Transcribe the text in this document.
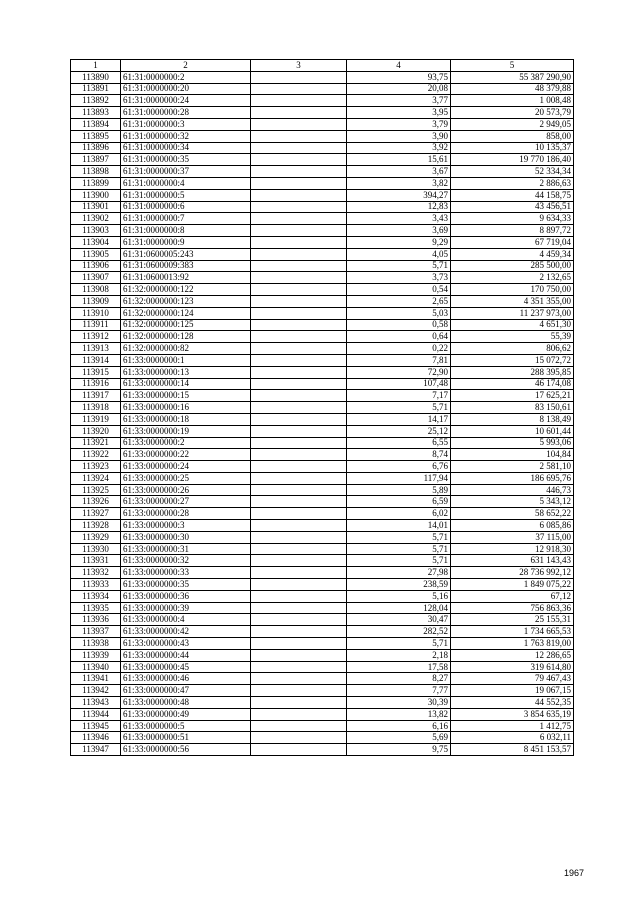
1	2	3	4	5
113890	61:31:0000000:2		93,75	55 387 290,90
113891	61:31:0000000:20		20,08	48 379,88
113892	61:31:0000000:24		3,77	1 008,48
113893	61:31:0000000:28		3,95	20 573,79
113894	61:31:0000000:3		3,79	2 949,05
113895	61:31:0000000:32		3,90	858,00
113896	61:31:0000000:34		3,92	10 135,37
113897	61:31:0000000:35		15,61	19 770 186,40
113898	61:31:0000000:37		3,67	52 334,34
113899	61:31:0000000:4		3,82	2 886,63
113900	61:31:0000000:5		394,27	44 158,75
113901	61:31:0000000:6		12,83	43 456,51
113902	61:31:0000000:7		3,43	9 634,33
113903	61:31:0000000:8		3,69	8 897,72
113904	61:31:0000000:9		9,29	67 719,04
113905	61:31:0600005:243		4,05	4 459,34
113906	61:31:0600009:383		5,71	285 500,00
113907	61:31:0600013:92		3,73	2 132,65
113908	61:32:0000000:122		0,54	170 750,00
113909	61:32:0000000:123		2,65	4 351 355,00
113910	61:32:0000000:124		5,03	11 237 973,00
113911	61:32:0000000:125		0,58	4 651,30
113912	61:32:0000000:128		0,64	55,39
113913	61:32:0000000:82		0,22	806,62
113914	61:33:0000000:1		7,81	15 072,72
113915	61:33:0000000:13		72,90	288 395,85
113916	61:33:0000000:14		107,48	46 174,08
113917	61:33:0000000:15		7,17	17 625,21
113918	61:33:0000000:16		5,71	83 150,61
113919	61:33:0000000:18		14,17	8 138,49
113920	61:33:0000000:19		25,12	10 601,44
113921	61:33:0000000:2		6,55	5 993,06
113922	61:33:0000000:22		8,74	104,84
113923	61:33:0000000:24		6,76	2 581,10
113924	61:33:0000000:25		117,94	186 695,76
113925	61:33:0000000:26		5,89	446,73
113926	61:33:0000000:27		6,59	5 343,12
113927	61:33:0000000:28		6,02	58 652,22
113928	61:33:0000000:3		14,01	6 085,86
113929	61:33:0000000:30		5,71	37 115,00
113930	61:33:0000000:31		5,71	12 918,30
113931	61:33:0000000:32		5,71	631 143,43
113932	61:33:0000000:33		27,98	28 736 992,12
113933	61:33:0000000:35		238,59	1 849 075,22
113934	61:33:0000000:36		5,16	67,12
113935	61:33:0000000:39		128,04	756 863,36
113936	61:33:0000000:4		30,47	25 155,31
113937	61:33:0000000:42		282,52	1 734 665,53
113938	61:33:0000000:43		5,71	1 763 819,00
113939	61:33:0000000:44		2,18	12 286,65
113940	61:33:0000000:45		17,58	319 614,80
113941	61:33:0000000:46		8,27	79 467,43
113942	61:33:0000000:47		7,77	19 067,15
113943	61:33:0000000:48		30,39	44 552,35
113944	61:33:0000000:49		13,82	3 854 635,19
113945	61:33:0000000:5		6,16	1 412,75
113946	61:33:0000000:51		5,69	6 032,11
113947	61:33:0000000:56		9,75	8 451 153,57
1967
